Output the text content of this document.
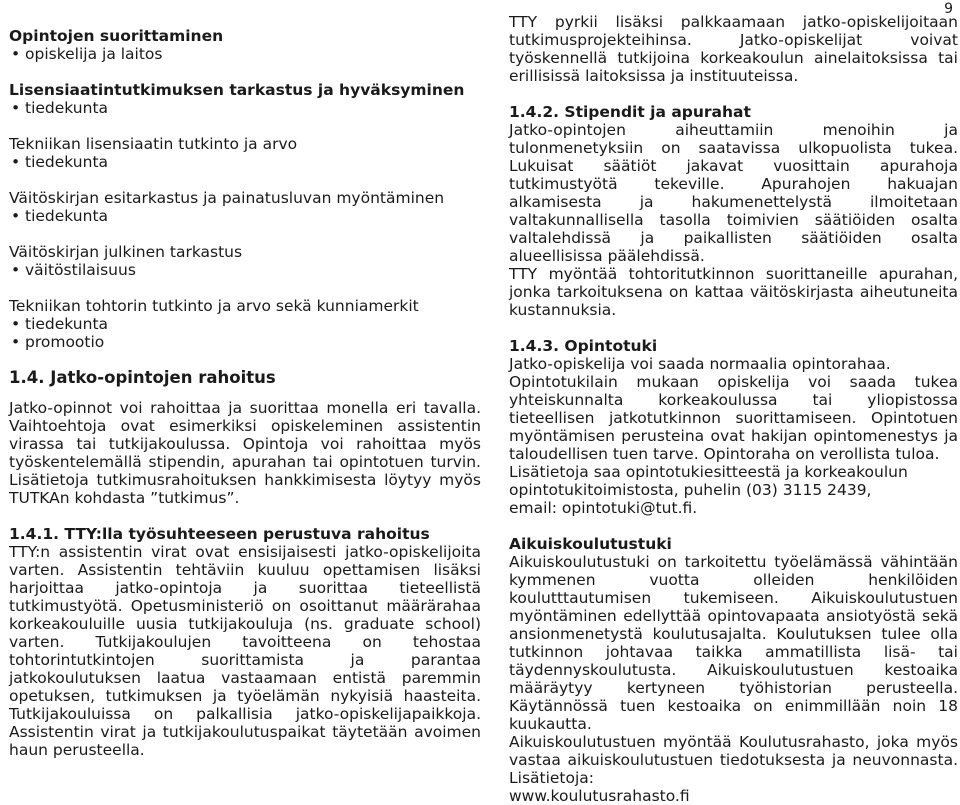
9
Opintojen suorittaminen
• opiskelija ja laitos
Lisensiaatintutkimuksen tarkastus ja hyväksyminen
• tiedekunta
Tekniikan lisensiaatin tutkinto ja arvo
• tiedekunta
Väitöskirjan esitarkastus ja painatusluvan myöntäminen
• tiedekunta
Väitöskirjan julkinen tarkastus
• väitöstilaisuus
Tekniikan tohtorin tutkinto ja arvo sekä kunniamerkit
• tiedekunta
• promootio
1.4. Jatko-opintojen rahoitus

Jatko-opinnot voi rahoittaa ja suorittaa monella eri tavalla. Vaihtoehtoja ovat esimerkiksi opiskeleminen assistentin virassa tai tutkijakoulussa. Opintoja voi rahoittaa myös työskentelemällä stipendin, apurahan tai opintotuen turvin. Lisätietoja tutkimusrahoituksen hankkimisesta löytyy myös TUTKAn kohdasta ”tutkimus”.

1.4.1. TTY:lla työsuhteeseen perustuva rahoitus

TTY:n assistentin virat ovat ensisijaisesti jatko-opiskelijoita varten. Assistentin tehtäviin kuuluu opettamisen lisäksi harjoittaa jatko-opintoja ja suorittaa tieteellistä tutkimustyötä. Opetusministeriö on osoittanut määrärahaa korkeakouluille uusia tutkijakouluja (ns. graduate school) varten. Tutkijakoulujen tavoitteena on tehostaa tohtorintutkintojen suorittamista ja parantaa jatkokoulutuksen laatua vastaamaan entistä paremmin opetuksen, tutkimuksen ja työelämän nykyisiä haasteita. Tutkijakouluissa on palkallisia jatko-opiskelijapaikkoja. Assistentin virat ja tutkijakoulutuspaikat täytetään avoimen haun perusteella.

TTY pyrkii lisäksi palkkaamaan jatko-opiskelijoitaan tutkimusprojekteihinsa. Jatko-opiskelijat voivat työskennellä tutkijoina korkeakoulun ainelaitoksissa tai erillisissä laitoksissa ja instituuteissa.

1.4.2. Stipendit ja apurahat

Jatko-opintojen aiheuttamiin menoihin ja tulonmenetyksiin on saatavissa ulkopuolista tukea. Lukuisat säätiöt jakavat vuosittain apurahoja tutkimustyötä tekeville. Apurahojen hakuajan alkamisesta ja hakumenettelystä ilmoitetaan valtakunnallisella tasolla toimivien säätiöiden osalta valtalehdissä ja paikallisten säätiöiden osalta alueellisissa päälehdissä.

TTY myöntää tohtoritutkinnon suorittaneille apurahan, jonka tarkoituksena on kattaa väitöskirjasta aiheutuneita kustannuksia.

1.4.3. Opintotuki

Jatko-opiskelija voi saada normaalia opintorahaa.

Opintotukilain mukaan opiskelija voi saada tukea yhteiskunnalta korkeakoulussa tai yliopistossa tieteellisen jatkotutkinnon suorittamiseen. Opintotuen myöntämisen perusteina ovat hakijan opintomenestys ja taloudellisen tuen tarve. Opintoraha on verollista tuloa.

Lisätietoja saa opintotukiesitteestä ja korkeakoulun opintotukitoimistosta, puhelin (03) 3115 2439,

email: opintotuki@tut.fi.
Aikuiskoulutustuki

Aikuiskoulutustuki on tarkoitettu työelämässä vähintään kymmenen vuotta olleiden henkilöiden koulutttautumisen tukemiseen. Aikuiskoulutustuen myöntäminen edellyttää opintovapaata ansiotyöstä sekä ansionmenetystä koulutusajalta. Koulutuksen tulee olla tutkinnon johtavaa taikka ammatillista lisä- tai täydennyskoulutusta. Aikuiskoulutustuen kestoaika määräytyy kertyneen työhistorian perusteella. Käytännössä tuen kestoaika on enimmillään noin 18 kuukautta.

Aikuiskoulutustuen myöntää Koulutusrahasto, joka myös vastaa aikuiskoulutustuen tiedotuksesta ja neuvonnasta. Lisätietoja:

www.koulutusrahasto.fi
